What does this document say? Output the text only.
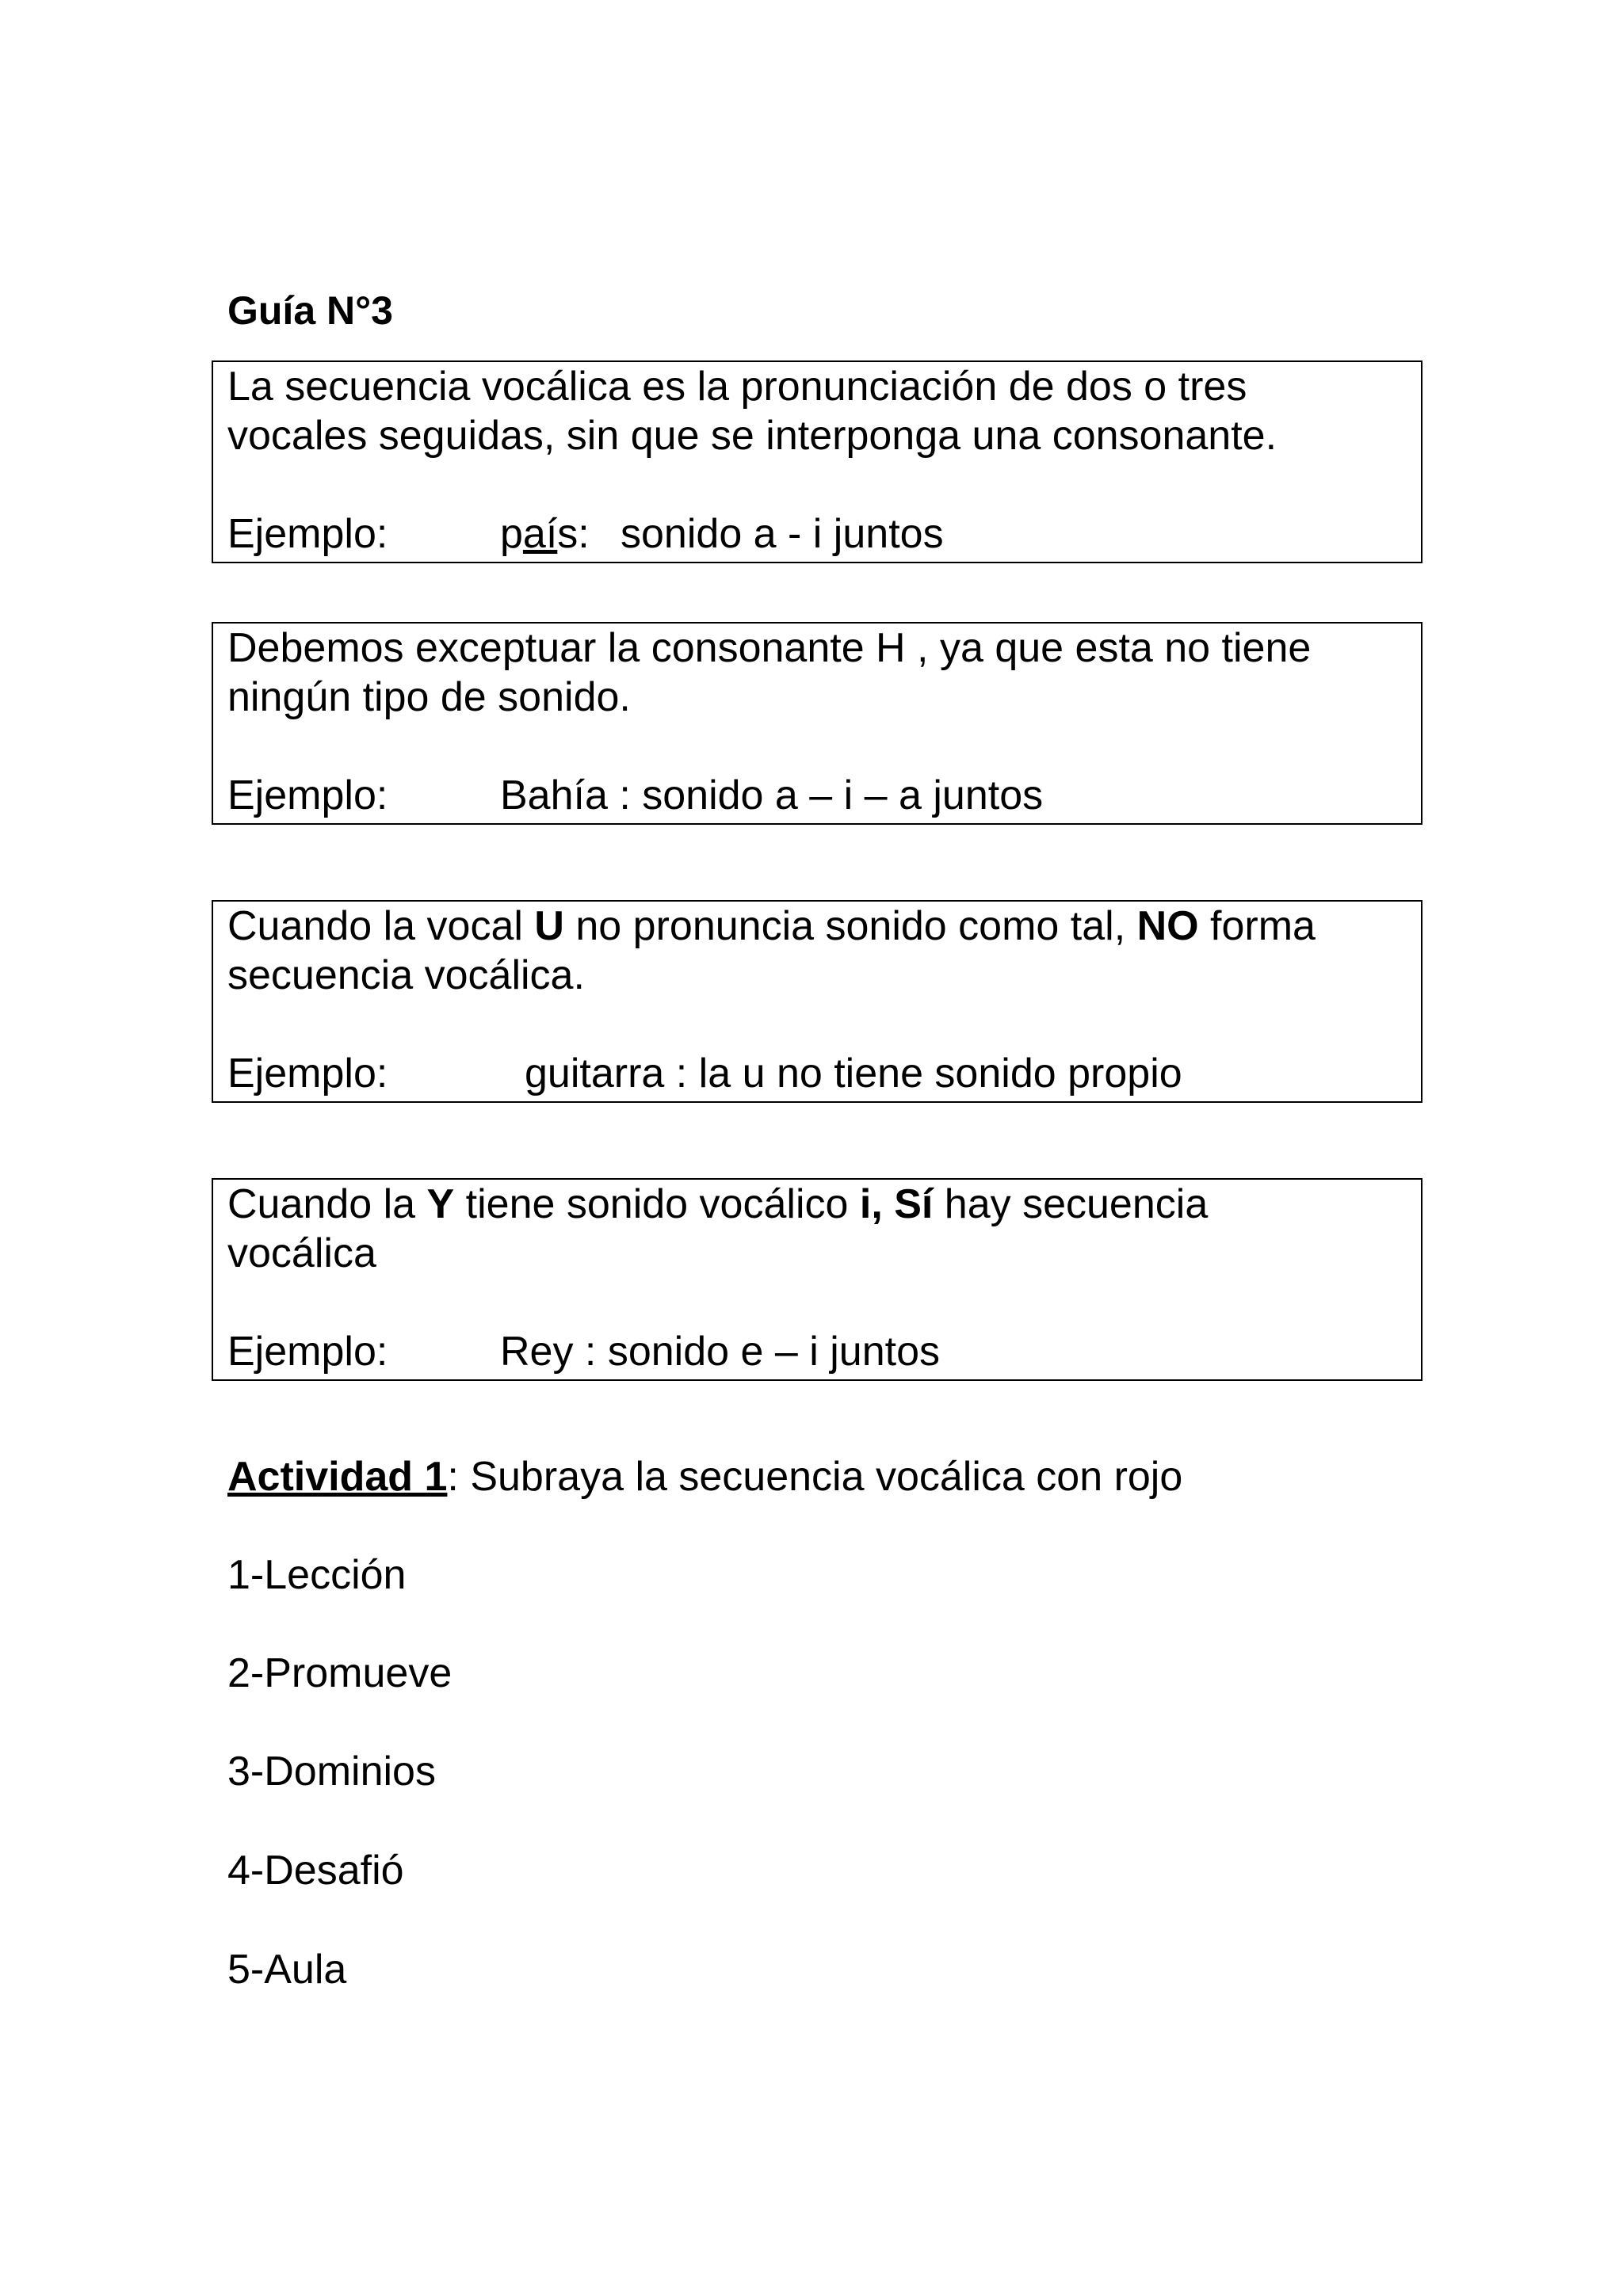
Guía N°3

La secuencia vocálica es la pronunciación de dos o tres
vocales seguidas, sin que se interponga una consonante.

Ejemplo:	país: sonido a - i juntos

Debemos exceptuar la consonante H , ya que esta no tiene
ningún tipo de sonido.

Ejemplo:	Bahía : sonido a – i – a juntos

Cuando la vocal U no pronuncia sonido como tal, NO forma
secuencia vocálica.

Ejemplo:	guitarra : la u no tiene sonido propio

Cuando la Y tiene sonido vocálico i, Sí hay secuencia
vocálica

Ejemplo:	Rey : sonido e – i juntos
Actividad 1: Subraya la secuencia vocálica con rojo
1-Lección
2-Promueve
3-Dominios
4-Desafió
5-Aula
